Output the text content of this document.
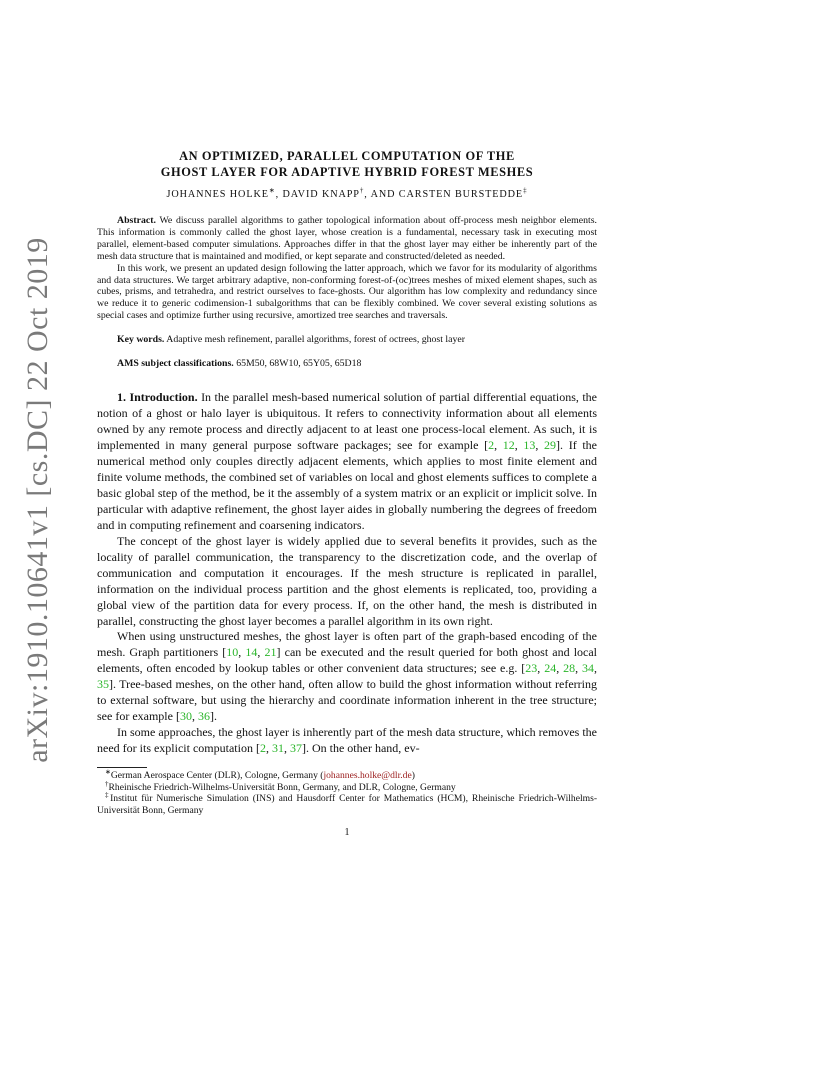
arXiv:1910.10641v1 [cs.DC] 22 Oct 2019
AN OPTIMIZED, PARALLEL COMPUTATION OF THE
GHOST LAYER FOR ADAPTIVE HYBRID FOREST MESHES
JOHANNES HOLKE∗, DAVID KNAPP†, AND CARSTEN BURSTEDDE‡

Abstract. We discuss parallel algorithms to gather topological information about off-process mesh neighbor elements. This information is commonly called the ghost layer, whose creation is a fundamental, necessary task in executing most parallel, element-based computer simulations. Approaches differ in that the ghost layer may either be inherently part of the mesh data structure that is maintained and modified, or kept separate and constructed/deleted as needed.

In this work, we present an updated design following the latter approach, which we favor for its modularity of algorithms and data structures. We target arbitrary adaptive, non-conforming forest-of-(oc)trees meshes of mixed element shapes, such as cubes, prisms, and tetrahedra, and restrict ourselves to face-ghosts. Our algorithm has low complexity and redundancy since we reduce it to generic codimension-1 subalgorithms that can be flexibly combined. We cover several existing solutions as special cases and optimize further using recursive, amortized tree searches and traversals.

Key words. Adaptive mesh refinement, parallel algorithms, forest of octrees, ghost layer
AMS subject classifications. 65M50, 68W10, 65Y05, 65D18

1. Introduction. In the parallel mesh-based numerical solution of partial differential equations, the notion of a ghost or halo layer is ubiquitous. It refers to connectivity information about all elements owned by any remote process and directly adjacent to at least one process-local element. As such, it is implemented in many general purpose software packages; see for example [2, 12, 13, 29]. If the numerical method only couples directly adjacent elements, which applies to most finite element and finite volume methods, the combined set of variables on local and ghost elements suffices to complete a basic global step of the method, be it the assembly of a system matrix or an explicit or implicit solve. In particular with adaptive refinement, the ghost layer aides in globally numbering the degrees of freedom and in computing refinement and coarsening indicators.

The concept of the ghost layer is widely applied due to several benefits it provides, such as the locality of parallel communication, the transparency to the discretization code, and the overlap of communication and computation it encourages. If the mesh structure is replicated in parallel, information on the individual process partition and the ghost elements is replicated, too, providing a global view of the partition data for every process. If, on the other hand, the mesh is distributed in parallel, constructing the ghost layer becomes a parallel algorithm in its own right.

When using unstructured meshes, the ghost layer is often part of the graph-based encoding of the mesh. Graph partitioners [10, 14, 21] can be executed and the result queried for both ghost and local elements, often encoded by lookup tables or other convenient data structures; see e.g. [23, 24, 28, 34, 35]. Tree-based meshes, on the other hand, often allow to build the ghost information without referring to external software, but using the hierarchy and coordinate information inherent in the tree structure; see for example [30, 36].

In some approaches, the ghost layer is inherently part of the mesh data structure, which removes the need for its explicit computation [2, 31, 37]. On the other hand, ev-

∗German Aerospace Center (DLR), Cologne, Germany (johannes.holke@dlr.de)

†Rheinische Friedrich-Wilhelms-Universität Bonn, Germany, and DLR, Cologne, Germany

‡Institut für Numerische Simulation (INS) and Hausdorff Center for Mathematics (HCM), Rheinische Friedrich-Wilhelms-Universität Bonn, Germany

1
